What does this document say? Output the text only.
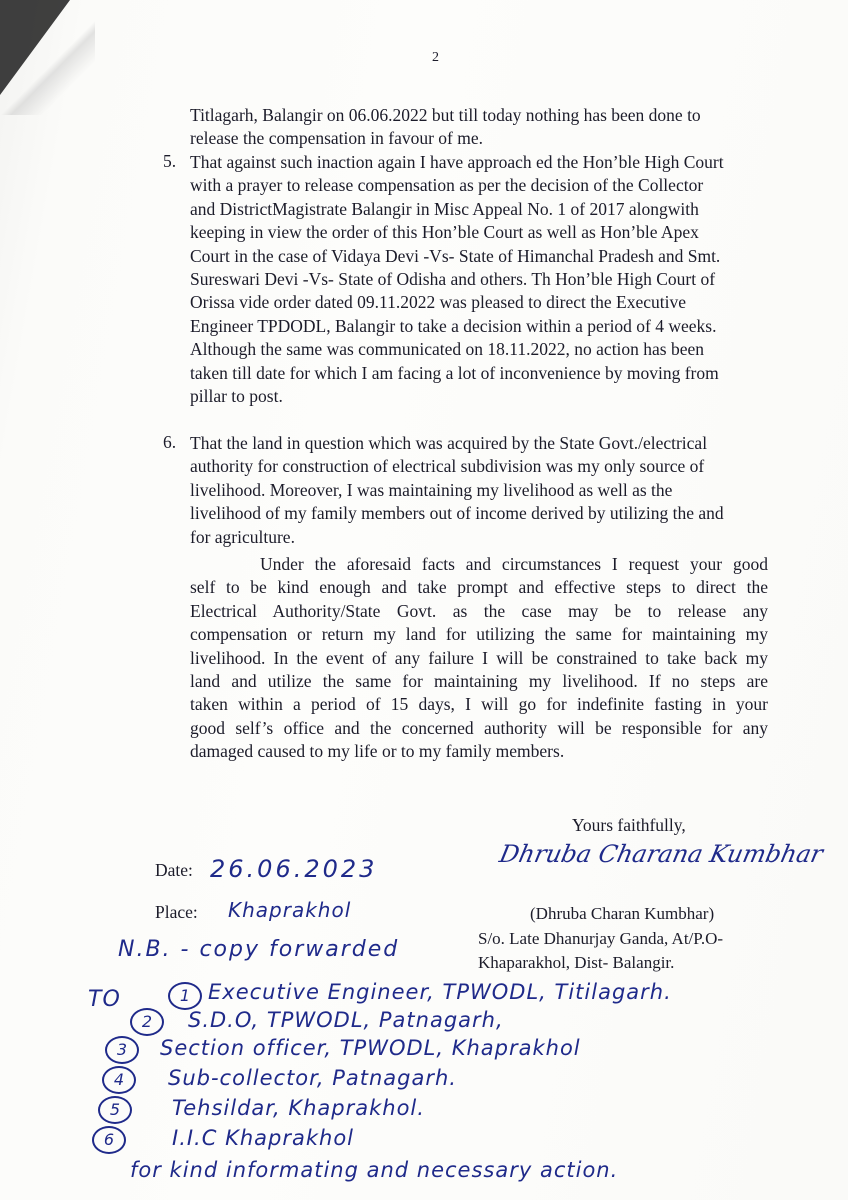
2
Titlagarh, Balangir on 06.06.2022 but till today nothing has been done to
release the compensation in favour of me.
5. That against such inaction again I have approach ed the Hon’ble High Court
with a prayer to release compensation as per the decision of the Collector
and DistrictMagistrate Balangir in Misc Appeal No. 1 of 2017 alongwith
keeping in view the order of this Hon’ble Court as well as Hon’ble Apex
Court in the case of Vidaya Devi -Vs- State of Himanchal Pradesh and Smt.
Sureswari Devi -Vs- State of Odisha and others. Th Hon’ble High Court of
Orissa vide order dated 09.11.2022 was pleased to direct the Executive
Engineer TPDODL, Balangir to take a decision within a period of 4 weeks.
Although the same was communicated on 18.11.2022, no action has been
taken till date for which I am facing a lot of inconvenience by moving from
pillar to post.
6. That the land in question which was acquired by the State Govt./electrical
authority for construction of electrical subdivision was my only source of
livelihood. Moreover, I was maintaining my livelihood as well as the
livelihood of my family members out of income derived by utilizing the and
for agriculture.
Under the aforesaid facts and circumstances I request your good
self to be kind enough and take prompt and effective steps to direct the
Electrical Authority/State Govt. as the case may be to release any
compensation or return my land for utilizing the same for maintaining my
livelihood. In the event of any failure I will be constrained to take back my
land and utilize the same for maintaining my livelihood. If no steps are
taken within a period of 15 days, I will go for indefinite fasting in your
good self’s office and the concerned authority will be responsible for any
damaged caused to my life or to my family members.
Yours faithfully,
Date: 26.06.2023
Place: Khaprakhol
Dhruba Charana Kumbhar
(Dhruba Charan Kumbhar)
S/o. Late Dhanurjay Ganda, At/P.O-
Khaparakhol, Dist- Balangir.
N.B. - copy forwarded
TO	1 Executive Engineer, TPWODL, Titilagarh.
2	S.D.O, TPWODL, Patnagarh,
3	Section officer, TPWODL, Khaprakhol
4	Sub-collector, Patnagarh.
5	Tehsildar, Khaprakhol.
6	I.I.C Khaprakhol
for kind informating and necessary action.
